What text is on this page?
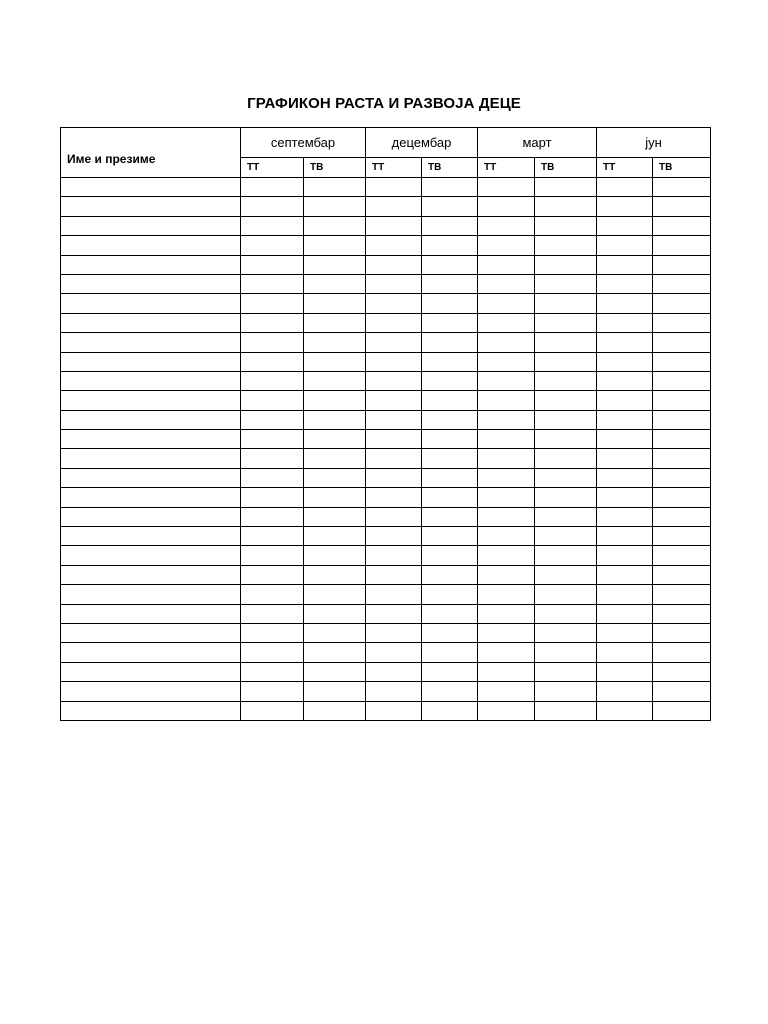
ГРАФИКОН РАСТА И РАЗВОЈА ДЕЦЕ
Име и презиме	септембар		децембар		март		јун	
	ТТ	ТВ	ТТ	ТВ	ТТ	ТВ	ТТ	ТВ
